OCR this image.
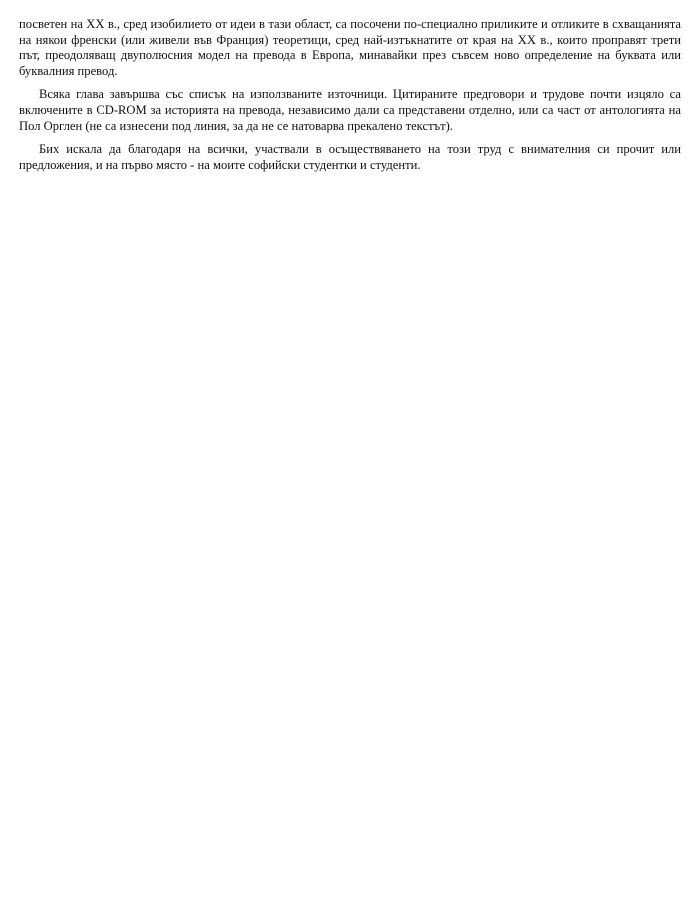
посветен на XX в., сред изобилието от идеи в тази област, са посочени по-специално приликите и отликите в схващанията на някои френски (или живели във Франция) теоретици, сред най-изтъкнатите от края на XX в., които проправят трети път, преодоляващ двуполюсния модел на превода в Европа, минавайки през съвсем ново определение на буквата или буквалния превод.

Всяка глава завършва със списък на използваните източници. Цитираните предговори и трудове почти изцяло са включените в CD-ROM за историята на превода, независимо дали са представени отделно, или са част от антологията на Пол Орглен (не са изнесени под линия, за да не се натоварва прекалено текстът).

Бих искала да благодаря на всички, участвали в осъществяването на този труд с внимателния си прочит или предложения, и на първо място - на моите софийски студентки и студенти.
